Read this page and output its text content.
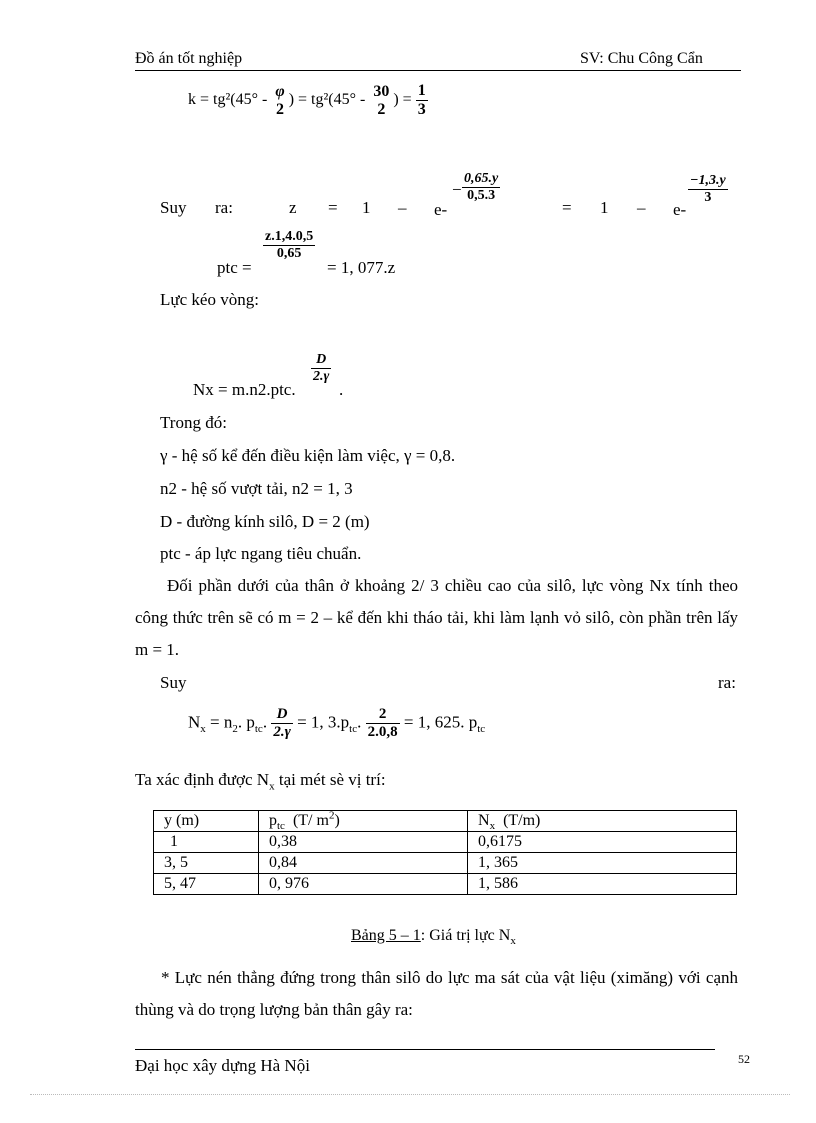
Đồ án tốt nghiệp	SV: Chu Công Cẩn
k = tg²(45° -
φ
2
) = tg²(45° -
30
2
) = $\frac{1}{3}$
Suy ra:	z = 1 – e-
− $\frac{0,65.y}{0,5.3}$
= 1 – e-
$\frac{-1,3.y}{3}$
ptc =
$\frac{z.1,4.0,5}{0,65}$
= 1, 077.z
Lực kéo vòng:
Nx = m.n2.ptc.
$\frac{D}{2.\gamma}$
.
Trong đó:
γ - hệ số kể đến điều kiện làm việc, γ = 0,8.
n2 - hệ số vượt tải, n2 = 1, 3
D - đường kính silô, D = 2 (m)
ptc - áp lực ngang tiêu chuẩn.
Đối phần dưới của thân ở khoảng 2/ 3 chiều cao của silô, lực vòng Nx tính theo công thức trên sẽ có m = 2 – kể đến khi tháo tải, khi làm lạnh vỏ silô, còn phần trên lấy m = 1.
Suy	ra:
$N_x = n_2$. $p_{tc}$. $\frac{D}{2.\gamma} = 1$, $3.p_{tc}$. $\frac{2}{2.0,8} = 1$, 625. $p_{tc}$
Ta xác định được $N_x$ tại mét sè vị trí:
y (m)	$p_{tc}$  (T/ $m^2$)	$N_x$  (T/m)
1	0,38	0,6175
3, 5	0,84	1, 365
5, 47	0, 976	1, 586
Bảng 5 – 1: Giá trị lực $N_x$
* Lực nén thẳng đứng trong thân silô do lực ma sát của vật liệu (ximăng) với cạnh thùng và do trọng lượng bản thân gây ra:
Đại học xây dựng Hà Nội	52
